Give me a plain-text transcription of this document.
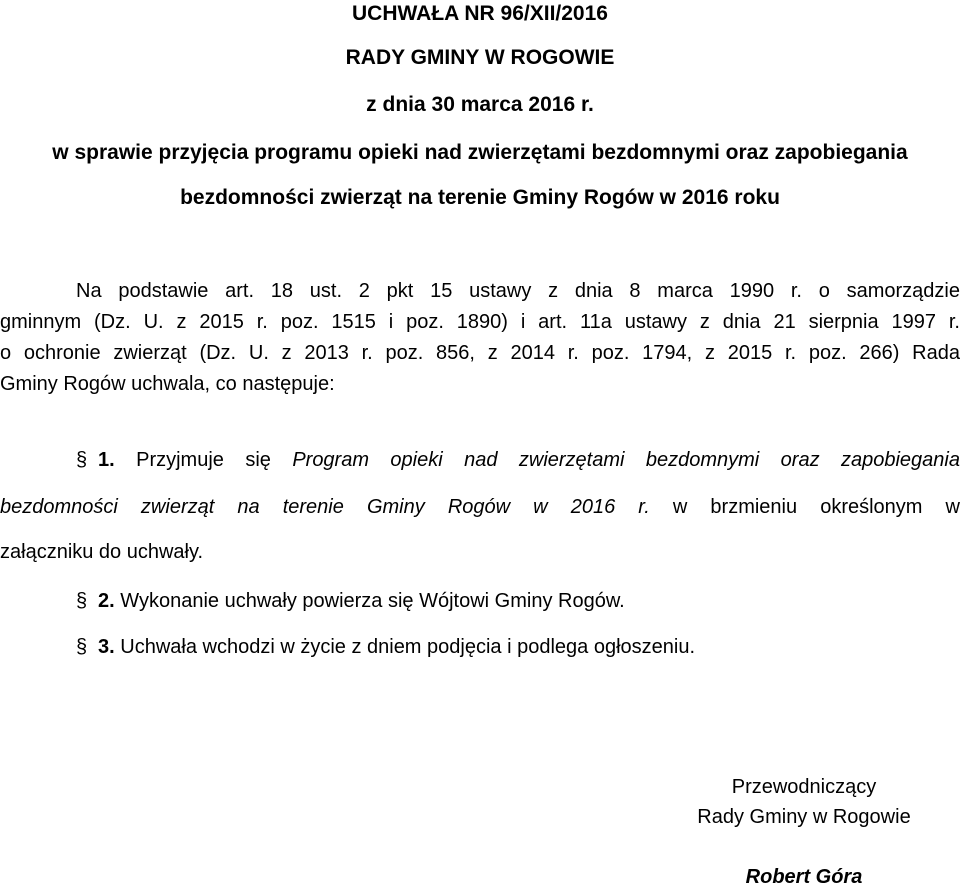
UCHWAŁA NR 96/XII/2016
RADY GMINY W ROGOWIE
z dnia 30 marca 2016 r.
w sprawie przyjęcia programu opieki nad zwierzętami bezdomnymi oraz zapobiegania
bezdomności zwierząt na terenie Gminy Rogów w 2016 roku
Na podstawie art. 18 ust. 2 pkt 15 ustawy z dnia 8 marca 1990 r. o samorządzie
gminnym (Dz. U. z 2015 r. poz. 1515 i poz. 1890) i art. 11a ustawy z dnia 21 sierpnia 1997 r.
o ochronie zwierząt (Dz. U. z 2013 r. poz. 856, z 2014 r. poz. 1794, z 2015 r. poz. 266) Rada
Gminy Rogów uchwala, co następuje:
§ 1. Przyjmuje się Program opieki nad zwierzętami bezdomnymi oraz zapobiegania
bezdomności zwierząt na terenie Gminy Rogów w 2016 r. w brzmieniu określonym w
załączniku do uchwały.
§ 2. Wykonanie uchwały powierza się Wójtowi Gminy Rogów.
§ 3. Uchwała wchodzi w życie z dniem podjęcia i podlega ogłoszeniu.
Przewodniczący
Rady Gminy w Rogowie
Robert Góra
